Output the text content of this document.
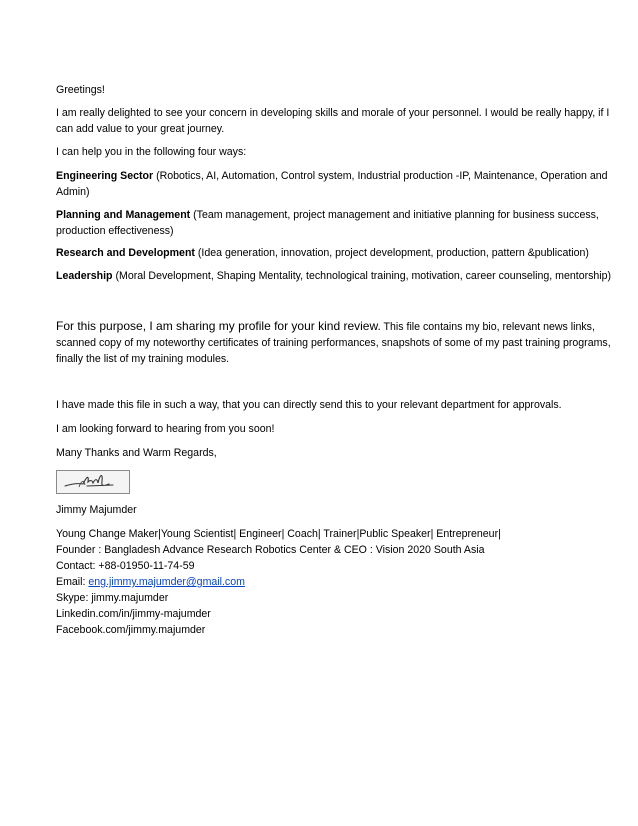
Greetings!
I am really delighted to see your concern in developing skills and morale of your personnel. I would be really happy, if I can add value to your great journey.
I can help you in the following four ways:
Engineering Sector (Robotics, AI, Automation, Control system, Industrial production -IP, Maintenance, Operation and Admin)
Planning and Management (Team management, project management and initiative planning for business success, production effectiveness)
Research and Development (Idea generation, innovation, project development, production, pattern &publication)
Leadership (Moral Development, Shaping Mentality, technological training, motivation, career counseling, mentorship)
For this purpose, I am sharing my profile for your kind review. This file contains my bio, relevant news links, scanned copy of my noteworthy certificates of training performances, snapshots of some of my past training programs, finally the list of my training modules.
I have made this file in such a way, that you can directly send this to your relevant department for approvals.
I am looking forward to hearing from you soon!
Many Thanks and Warm Regards,
Jimmy Majumder
Young Change Maker|Young Scientist| Engineer| Coach| Trainer|Public Speaker| Entrepreneur|
Founder : Bangladesh Advance Research Robotics Center & CEO : Vision 2020 South Asia
Contact: +88-01950-11-74-59
Email: eng.jimmy.majumder@gmail.com
Skype: jimmy.majumder
Linkedin.com/in/jimmy-majumder
Facebook.com/jimmy.majumder
